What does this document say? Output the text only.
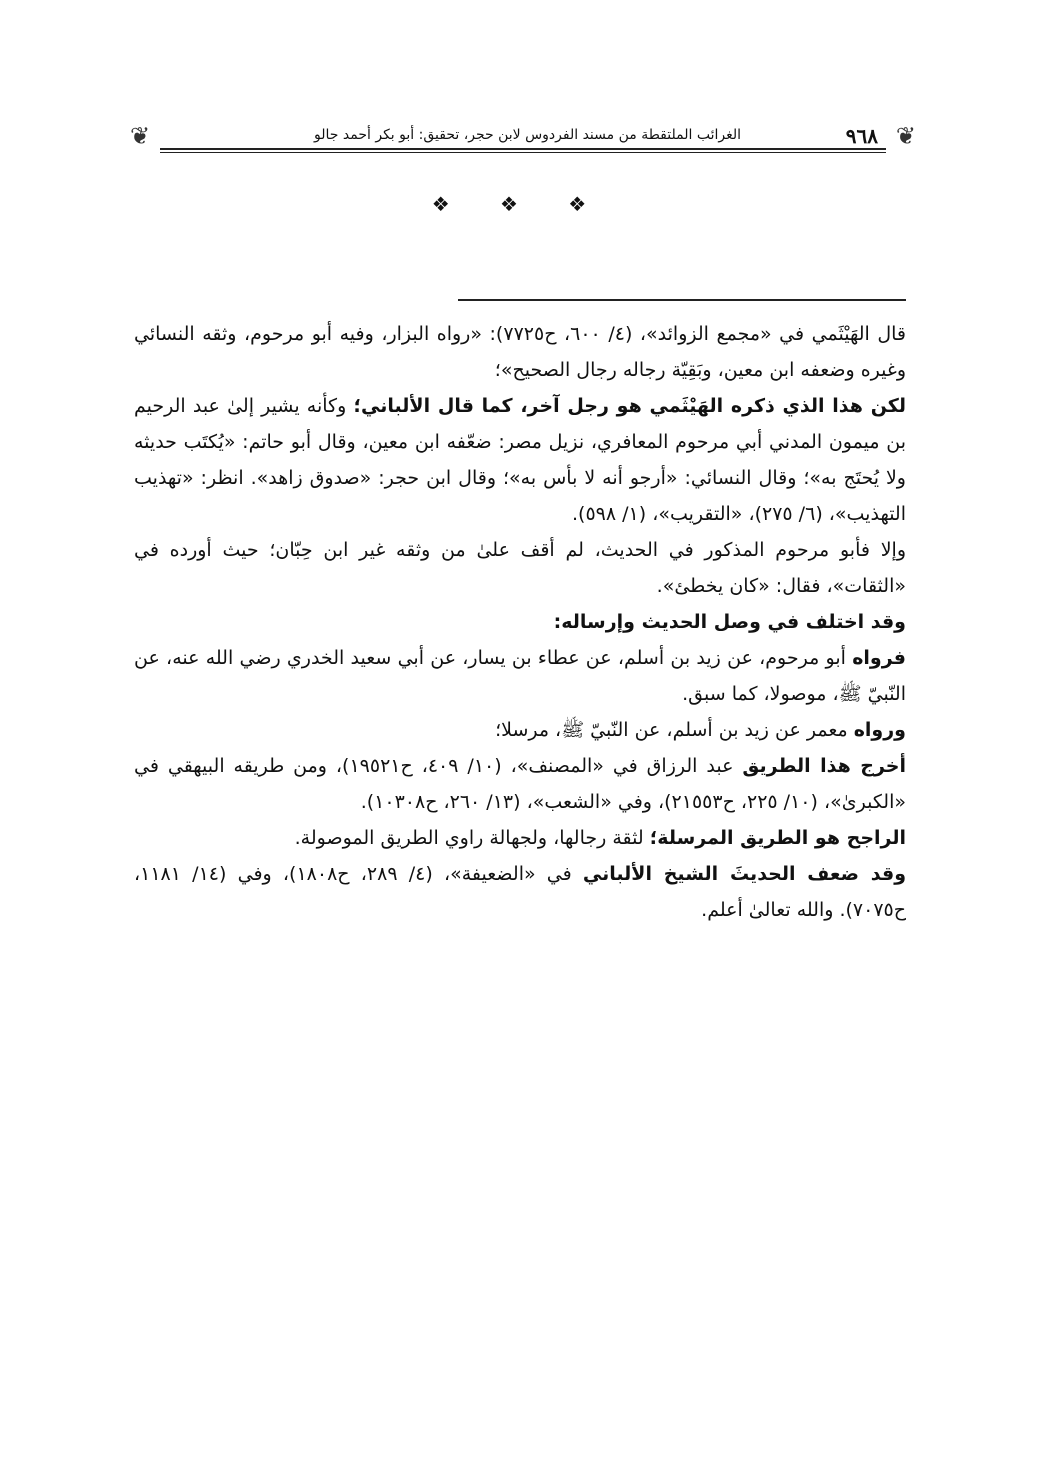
❦
٩٦٨
الغرائب الملتقطة من مسند الفردوس لابن حجر، تحقيق: أبو بكر أحمد جالو
❦
❖ ❖ ❖

قال الهَيْثَمي في «مجمع الزوائد»، (٤/ ٦٠٠، ح٧٧٢٥): «رواه البزار، وفيه أبو مرحوم، وثقه النسائي وغيره وضعفه ابن معين، وبَقِيّة رجاله رجال الصحيح»؛

لكن هذا الذي ذكره الهَيْثَمي هو رجل آخر، كما قال الألباني؛ وكأنه يشير إلىٰ عبد الرحيم بن ميمون المدني أبي مرحوم المعافري، نزيل مصر: ضعّفه ابن معين، وقال أبو حاتم: «يُكتَب حديثه ولا يُحتَج به»؛ وقال النسائي: «أرجو أنه لا بأس به»؛ وقال ابن حجر: «صدوق زاهد». انظر: «تهذيب التهذيب»، (٦/ ٢٧٥)، «التقريب»، (١/ ٥٩٨).

وإلا فأبو مرحوم المذكور في الحديث، لم أقف علىٰ من وثقه غير ابن حِبّان؛ حيث أورده في «الثقات»، فقال: «كان يخطئ».

وقد اختلف في وصل الحديث وإرساله:

فرواه أبو مرحوم، عن زيد بن أسلم، عن عطاء بن يسار، عن أبي سعيد الخدري رضي الله عنه، عن النّبيّ ﷺ، موصولا، كما سبق.

ورواه معمر عن زيد بن أسلم، عن النّبيّ ﷺ، مرسلا؛

أخرج هذا الطريق عبد الرزاق في «المصنف»، (١٠/ ٤٠٩، ح١٩٥٢١)، ومن طريقه البيهقي في «الكبرىٰ»، (١٠/ ٢٢٥، ح٢١٥٥٣)، وفي «الشعب»، (١٣/ ٢٦٠، ح١٠٣٠٨).

الراجح هو الطريق المرسلة؛ لثقة رجالها، ولجهالة راوي الطريق الموصولة.

وقد ضعف الحديثَ الشيخ الألباني في «الضعيفة»، (٤/ ٢٨٩، ح١٨٠٨)، وفي (١٤/ ١١٨١، ح٧٠٧٥). والله تعالىٰ أعلم.
